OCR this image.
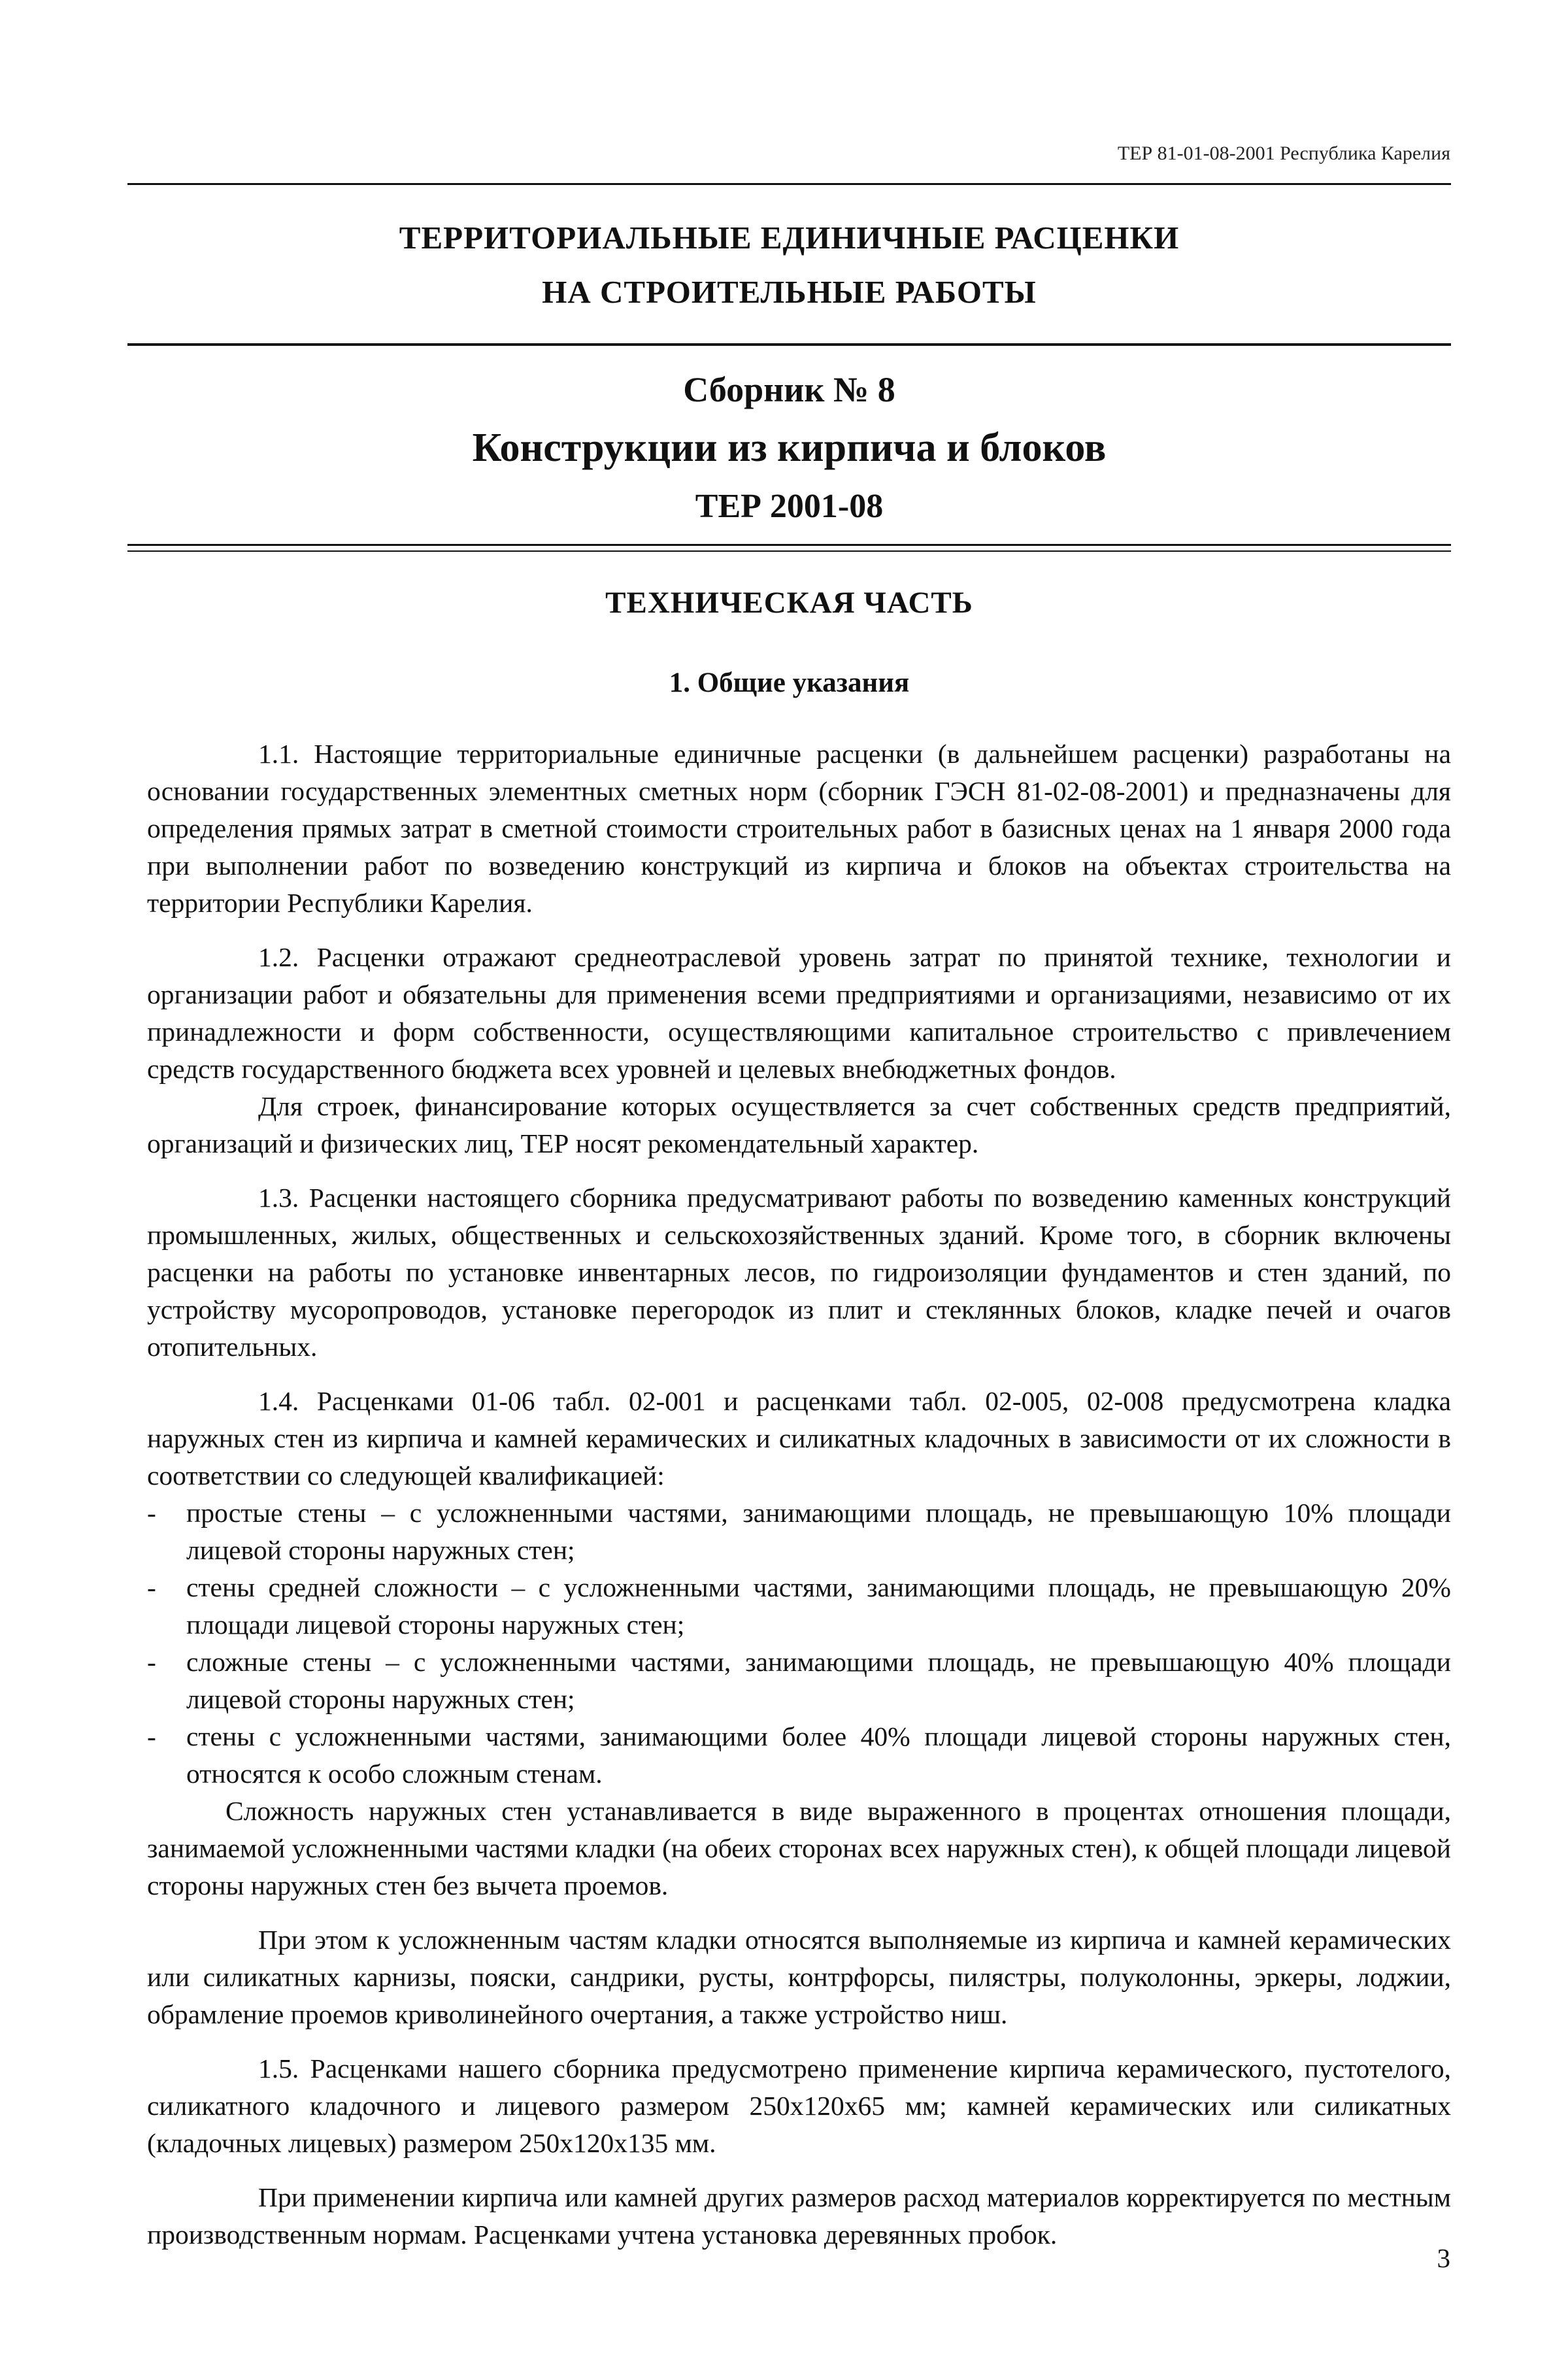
ТЕР 81-01-08-2001 Республика Карелия
ТЕРРИТОРИАЛЬНЫЕ ЕДИНИЧНЫЕ РАСЦЕНКИ
НА СТРОИТЕЛЬНЫЕ РАБОТЫ
Сборник № 8
Конструкции из кирпича и блоков
ТЕР 2001-08
ТЕХНИЧЕСКАЯ ЧАСТЬ
1. Общие указания

1.1. Настоящие территориальные единичные расценки (в дальнейшем расценки) разработаны на основании государственных элементных сметных норм (сборник ГЭСН 81-02-08-2001) и предназначены для определения прямых затрат в сметной стоимости строительных работ в базисных ценах на 1 января 2000 года при выполнении работ по возведению конструкций из кирпича и блоков на объектах строительства на территории Республики Карелия.

1.2. Расценки отражают среднеотраслевой уровень затрат по принятой технике, технологии и организации работ и обязательны для применения всеми предприятиями и организациями, независимо от их принадлежности и форм собственности, осуществляющими капитальное строительство с привлечением средств государственного бюджета всех уровней и целевых внебюджетных фондов.

Для строек, финансирование которых осуществляется за счет собственных средств предприятий, организаций и физических лиц, ТЕР носят рекомендательный характер.

1.3. Расценки настоящего сборника предусматривают работы по возведению каменных конструкций промышленных, жилых, общественных и сельскохозяйственных зданий. Кроме того, в сборник включены расценки на работы по установке инвентарных лесов, по гидроизоляции фундаментов и стен зданий, по устройству мусоропроводов, установке перегородок из плит и стеклянных блоков, кладке печей и очагов отопительных.

1.4. Расценками 01-06 табл. 02-001 и расценками табл. 02-005, 02-008 предусмотрена кладка наружных стен из кирпича и камней керамических и силикатных кладочных в зависимости от их сложности в соответствии со следующей квалификацией:

- простые стены – с усложненными частями, занимающими площадь, не превышающую 10% площади лицевой стороны наружных стен;
- стены средней сложности – с усложненными частями, занимающими площадь, не превышающую 20% площади лицевой стороны наружных стен;
- сложные стены – с усложненными частями, занимающими площадь, не превышающую 40% площади лицевой стороны наружных стен;
- стены с усложненными частями, занимающими более 40% площади лицевой стороны наружных стен, относятся к особо сложным стенам.

Сложность наружных стен устанавливается в виде выраженного в процентах отношения площади, занимаемой усложненными частями кладки (на обеих сторонах всех наружных стен), к общей площади лицевой стороны наружных стен без вычета проемов.

При этом к усложненным частям кладки относятся выполняемые из кирпича и камней керамических или силикатных карнизы, пояски, сандрики, русты, контрфорсы, пилястры, полуколонны, эркеры, лоджии, обрамление проемов криволинейного очертания, а также устройство ниш.

1.5. Расценками нашего сборника предусмотрено применение кирпича керамического, пустотелого, силикатного кладочного и лицевого размером 250х120х65 мм; камней керамических или силикатных (кладочных лицевых) размером 250х120х135 мм.

При применении кирпича или камней других размеров расход материалов корректируется по местным производственным нормам. Расценками учтена установка деревянных пробок.

3
